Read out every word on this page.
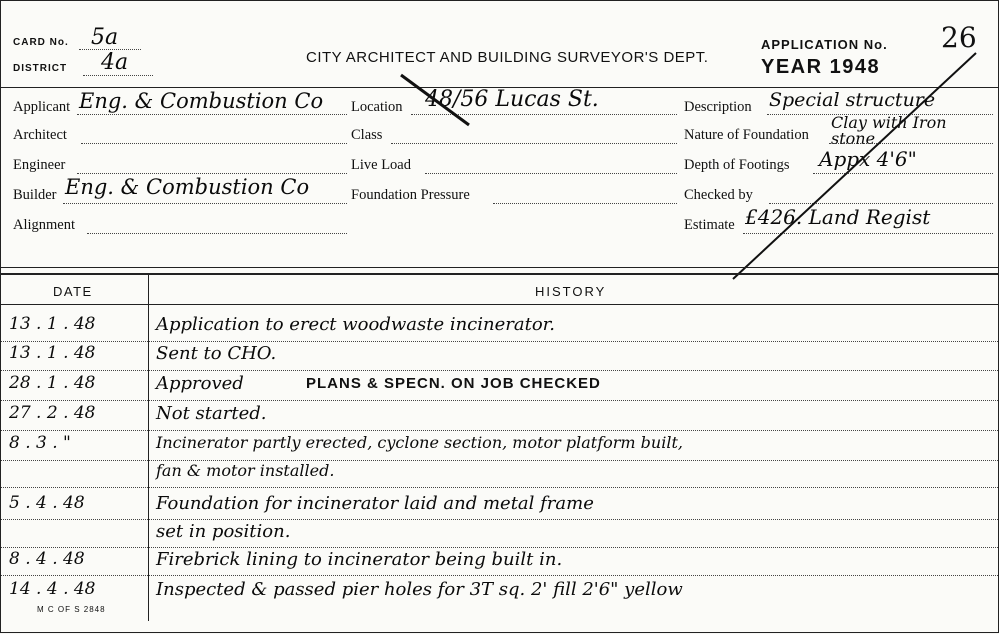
CARD No. 5a
DISTRICT 4a	CITY ARCHITECT AND BUILDING SURVEYOR'S DEPT.
APPLICATION No. 26
YEAR 1948
Applicant Eng. & Combustion Co
Architect
Engineer
Builder Eng. & Combustion Co
Alignment
Location 48/56 Lucas St.
Class
Live Load
Foundation Pressure
Description Special structure
Nature of Foundation
Clay with Iron stone
Depth of Footings Appx 4'6"
Checked by
Estimate £426. Land Regist
DATE	HISTORY
13 . 1 . 48	Application to erect woodwaste incinerator.
13 . 1 . 48	Sent to CHO.
28 . 1 . 48	Approved	PLANS & SPECN. ON JOB CHECKED
27 . 2 . 48	Not started.
8 . 3 . "	Incinerator partly erected, cyclone section, motor platform built,
fan & motor installed.
5 . 4 . 48	Foundation for incinerator laid and metal frame
set in position.
8 . 4 . 48	Firebrick lining to incinerator being built in.
14 . 4 . 48	Inspected & passed pier holes for 3T sq. 2' fill 2'6" yellow
M C OF S 2848
